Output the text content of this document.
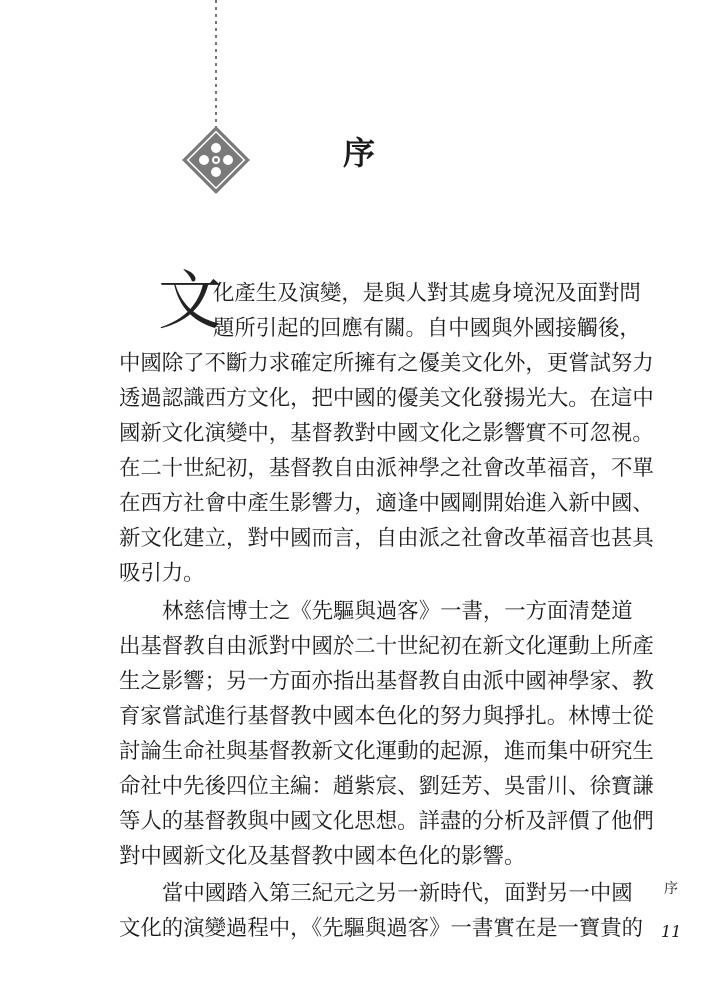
序
文
化產生及演變，是與人對其處身境況及面對問
題所引起的回應有關。自中國與外國接觸後，
中國除了不斷力求確定所擁有之優美文化外，更嘗試努力
透過認識西方文化，把中國的優美文化發揚光大。在這中
國新文化演變中，基督教對中國文化之影響實不可忽視。
在二十世紀初，基督教自由派神學之社會改革福音，不單
在西方社會中產生影響力，適逢中國剛開始進入新中國、
新文化建立，對中國而言，自由派之社會改革福音也甚具
吸引力。
林慈信博士之《先驅與過客》一書，一方面清楚道
出基督教自由派對中國於二十世紀初在新文化運動上所產
生之影響；另一方面亦指出基督教自由派中國神學家、教
育家嘗試進行基督教中國本色化的努力與掙扎。林博士從
討論生命社與基督教新文化運動的起源，進而集中研究生
命社中先後四位主編：趙紫宸、劉廷芳、吳雷川、徐寶謙
等人的基督教與中國文化思想。詳盡的分析及評價了他們
對中國新文化及基督教中國本色化的影響。
當中國踏入第三紀元之另一新時代，面對另一中國
文化的演變過程中，《先驅與過客》一書實在是一寶貴的
序
11
